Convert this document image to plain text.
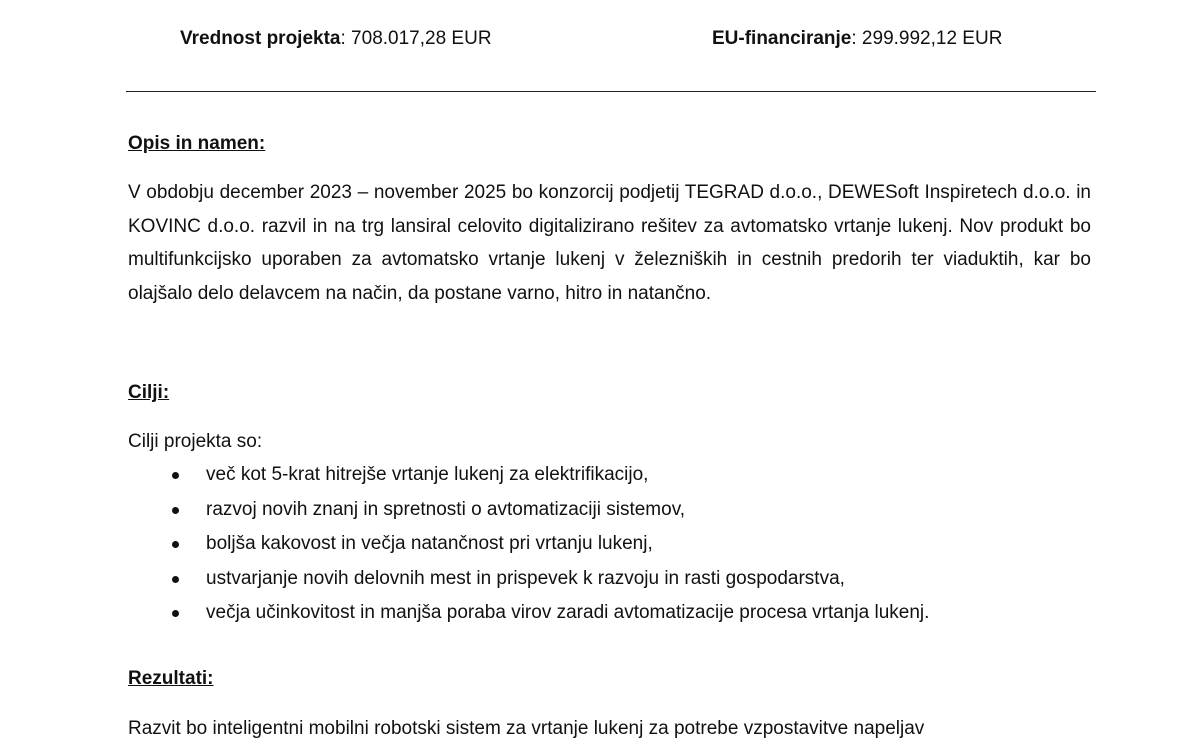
Vrednost projekta: 708.017,28 EUR	EU-financiranje: 299.992,12 EUR
Opis in namen:
V obdobju december 2023 – november 2025 bo konzorcij podjetij TEGRAD d.o.o., DEWESoft Inspiretech d.o.o. in KOVINC d.o.o. razvil in na trg lansiral celovito digitalizirano rešitev za avtomatsko vrtanje lukenj. Nov produkt bo multifunkcijsko uporaben za avtomatsko vrtanje lukenj v železniških in cestnih predorih ter viaduktih, kar bo olajšalo delo delavcem na način, da postane varno, hitro in natančno.
Cilji:
Cilji projekta so:
več kot 5-krat hitrejše vrtanje lukenj za elektrifikacijo,
razvoj novih znanj in spretnosti o avtomatizaciji sistemov,
boljša kakovost in večja natančnost pri vrtanju lukenj,
ustvarjanje novih delovnih mest in prispevek k razvoju in rasti gospodarstva,
večja učinkovitost in manjša poraba virov zaradi avtomatizacije procesa vrtanja lukenj.
Rezultati:
Razvit bo inteligentni mobilni robotski sistem za vrtanje lukenj za potrebe vzpostavitve napeljav
